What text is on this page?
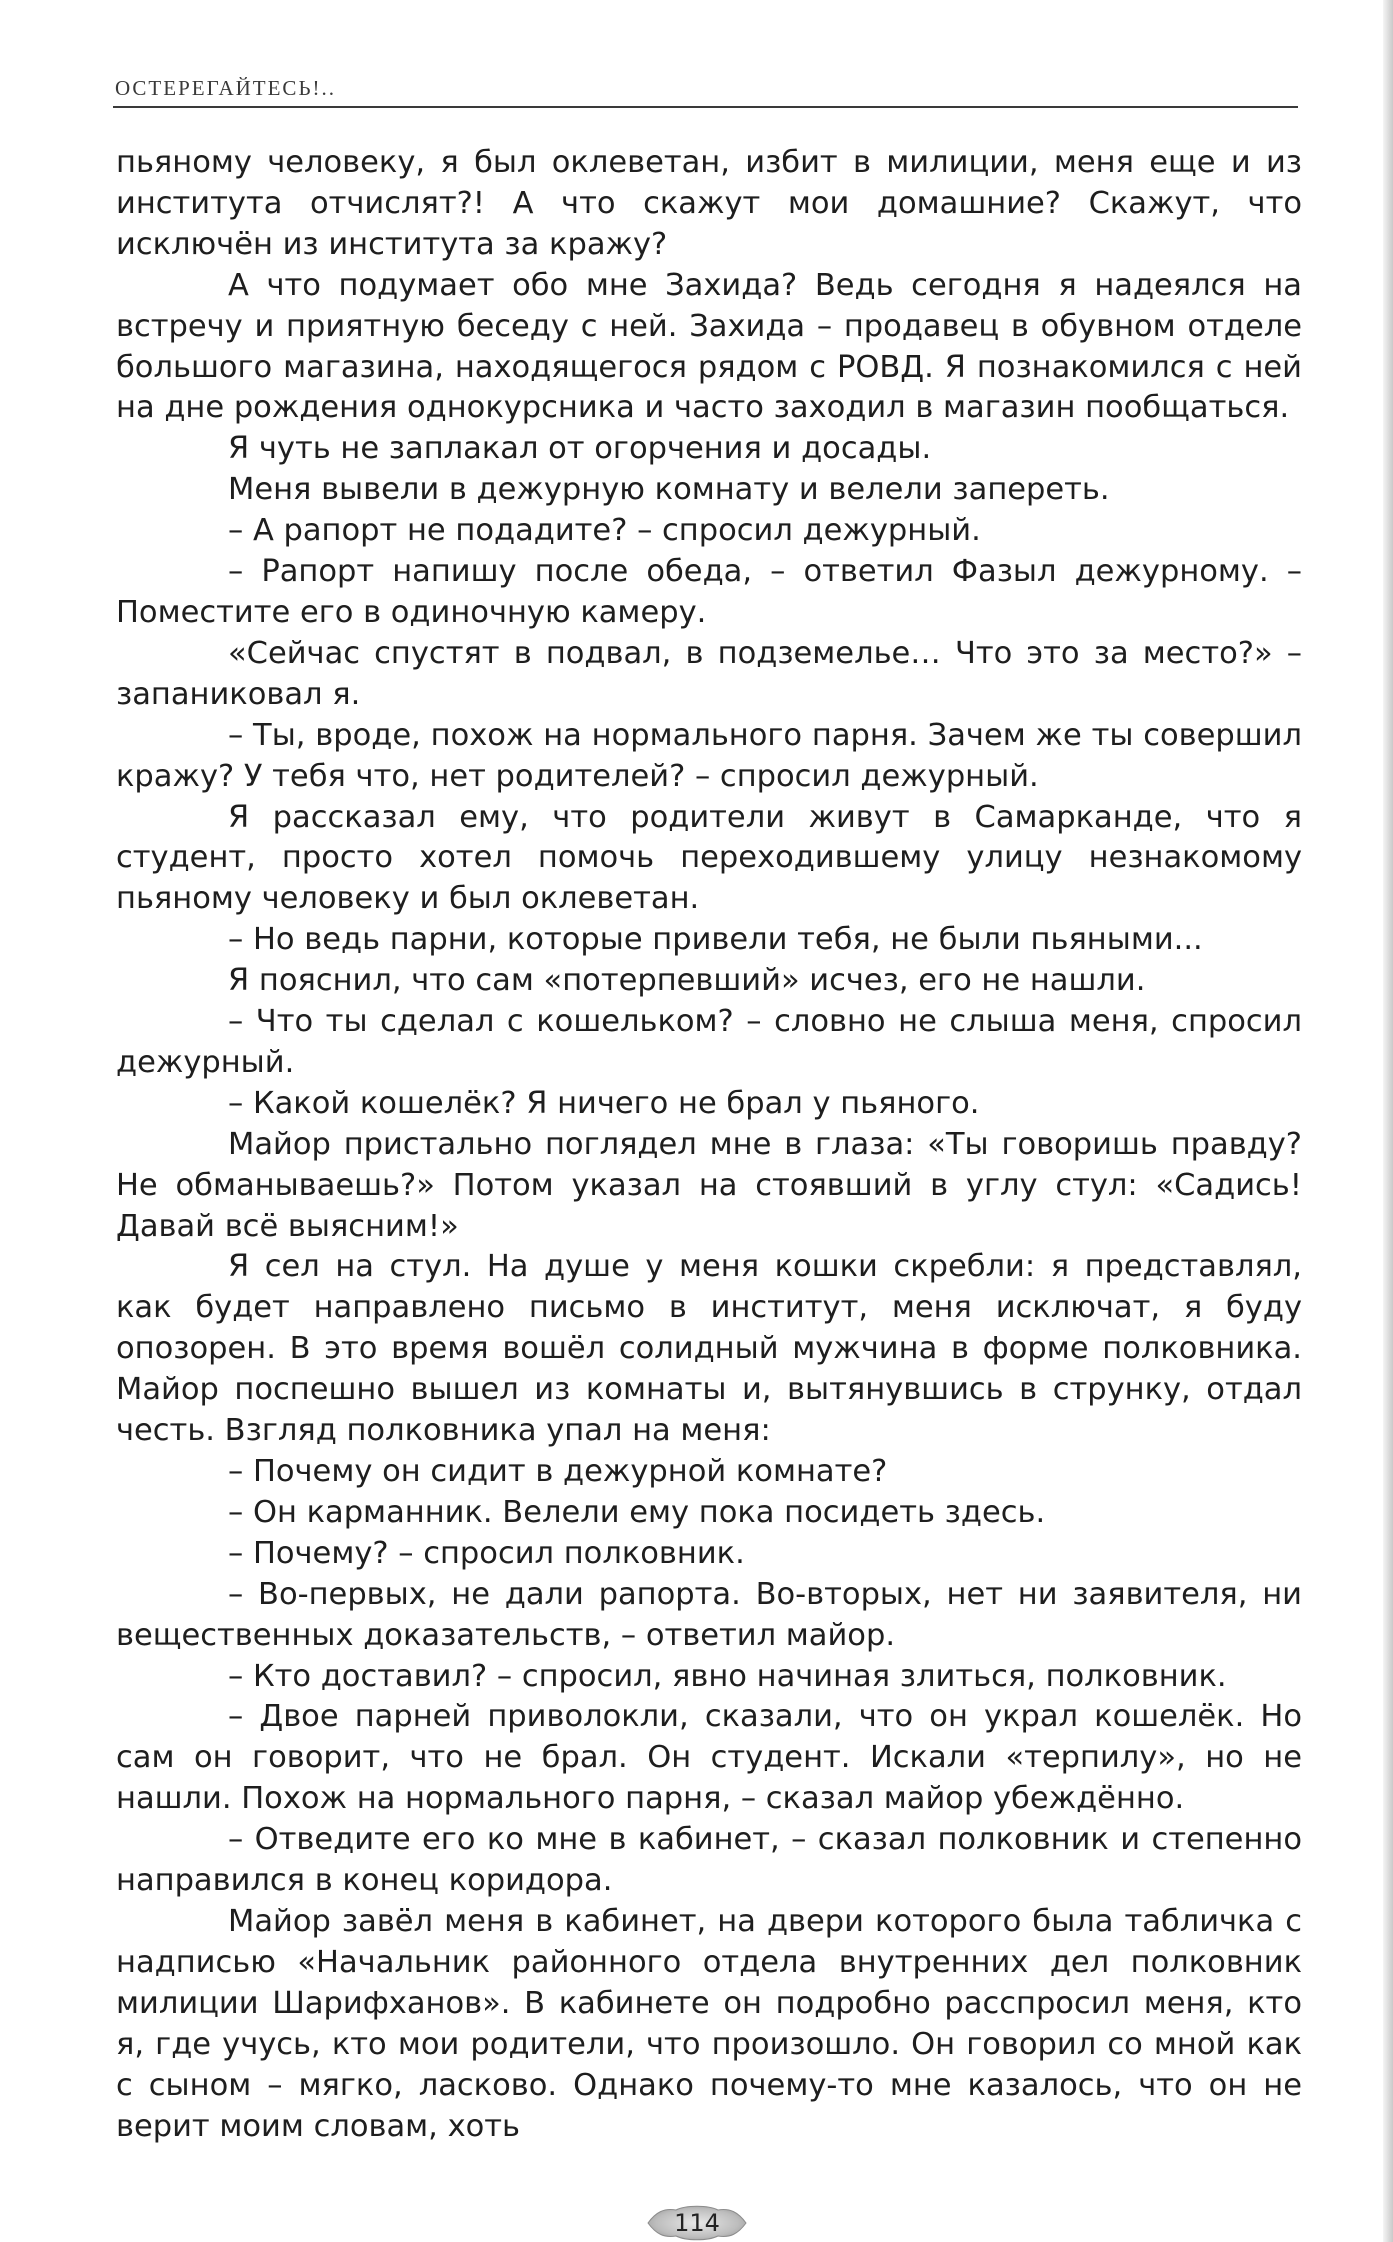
ОСТЕРЕГАЙТЕСЬ!..

пьяному человеку, я был оклеветан, избит в милиции, меня еще и из института отчислят?! А что скажут мои домашние? Скажут, что исключён из института за кражу?

А что подумает обо мне Захида? Ведь сегодня я надеялся на встречу и приятную беседу с ней. Захида – продавец в обувном отделе большого магазина, находящегося рядом с РОВД. Я познакомился с ней на дне рождения однокурсника и часто заходил в магазин пообщаться.

Я чуть не заплакал от огорчения и досады.

Меня вывели в дежурную комнату и велели запереть.

– А рапорт не подадите? – спросил дежурный.

– Рапорт напишу после обеда, – ответил Фазыл дежурному. – Поместите его в одиночную камеру.

«Сейчас спустят в подвал, в подземелье… Что это за место?» – запаниковал я.

– Ты, вроде, похож на нормального парня. Зачем же ты совершил кражу? У тебя что, нет родителей? – спросил дежурный.

Я рассказал ему, что родители живут в Самарканде, что я студент, просто хотел помочь переходившему улицу незнакомому пьяному человеку и был оклеветан.

– Но ведь парни, которые привели тебя, не были пьяными...

Я пояснил, что сам «потерпевший» исчез, его не нашли.

– Что ты сделал с кошельком? – словно не слыша меня, спросил дежурный.

– Какой кошелёк? Я ничего не брал у пьяного.

Майор пристально поглядел мне в глаза: «Ты говоришь правду? Не обманываешь?» Потом указал на стоявший в углу стул: «Садись! Давай всё выясним!»

Я сел на стул. На душе у меня кошки скребли: я представлял, как будет направлено письмо в институт, меня исключат, я буду опозорен. В это время вошёл солидный мужчина в форме полковника. Майор поспешно вышел из комнаты и, вытянувшись в струнку, отдал честь. Взгляд полковника упал на меня:

– Почему он сидит в дежурной комнате?

– Он карманник. Велели ему пока посидеть здесь.

– Почему? – спросил полковник.

– Во-первых, не дали рапорта. Во-вторых, нет ни заявителя, ни вещественных доказательств, – ответил майор.

– Кто доставил? – спросил, явно начиная злиться, полковник.

– Двое парней приволокли, сказали, что он украл кошелёк. Но сам он говорит, что не брал. Он студент. Искали «терпилу», но не нашли. Похож на нормального парня, – сказал майор убеждённо.

– Отведите его ко мне в кабинет, – сказал полковник и степенно направился в конец коридора.

Майор завёл меня в кабинет, на двери которого была табличка с надписью «Начальник районного отдела внутренних дел полковник милиции Шарифханов». В кабинете он подробно расспросил меня, кто я, где учусь, кто мои родители, что произошло. Он говорил со мной как с сыном – мягко, ласково. Однако почему-то мне казалось, что он не верит моим словам, хоть

114
